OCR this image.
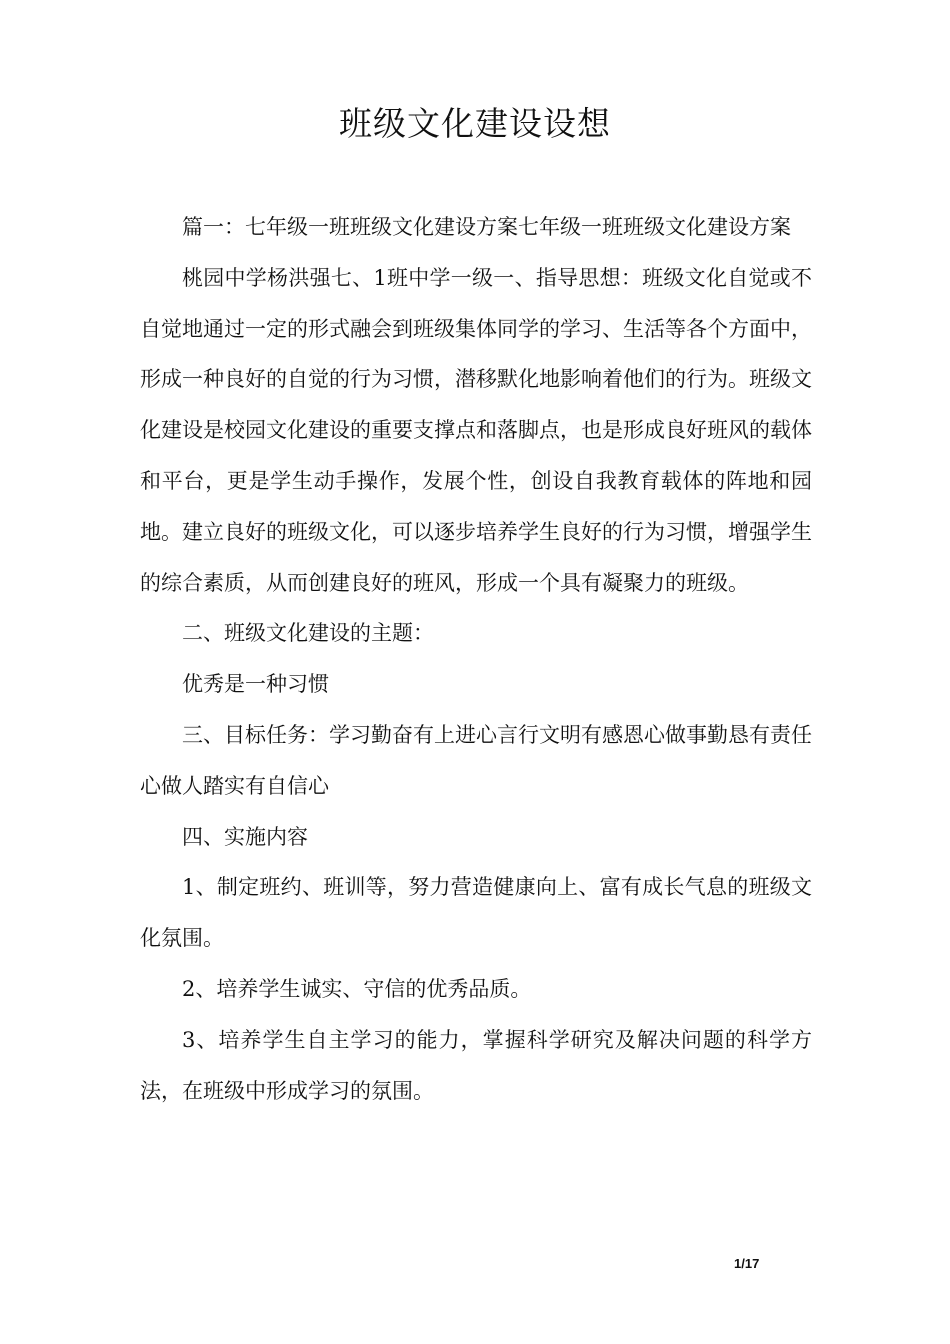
班级文化建设设想

篇一：七年级一班班级文化建设方案七年级一班班级文化建设方案

桃园中学杨洪强七、1班中学一级一、指导思想：班级文化自觉或不自觉地通过一定的形式融会到班级集体同学的学习、生活等各个方面中，形成一种良好的自觉的行为习惯，潜移默化地影响着他们的行为。班级文化建设是校园文化建设的重要支撑点和落脚点，也是形成良好班风的载体和平台，更是学生动手操作，发展个性，创设自我教育载体的阵地和园地。建立良好的班级文化，可以逐步培养学生良好的行为习惯，增强学生的综合素质，从而创建良好的班风，形成一个具有凝聚力的班级。

二、班级文化建设的主题：

优秀是一种习惯

三、目标任务：学习勤奋有上进心言行文明有感恩心做事勤恳有责任心做人踏实有自信心

四、实施内容

1、制定班约、班训等，努力营造健康向上、富有成长气息的班级文化氛围。

2、培养学生诚实、守信的优秀品质。

3、培养学生自主学习的能力，掌握科学研究及解决问题的科学方法，在班级中形成学习的氛围。

1/17
